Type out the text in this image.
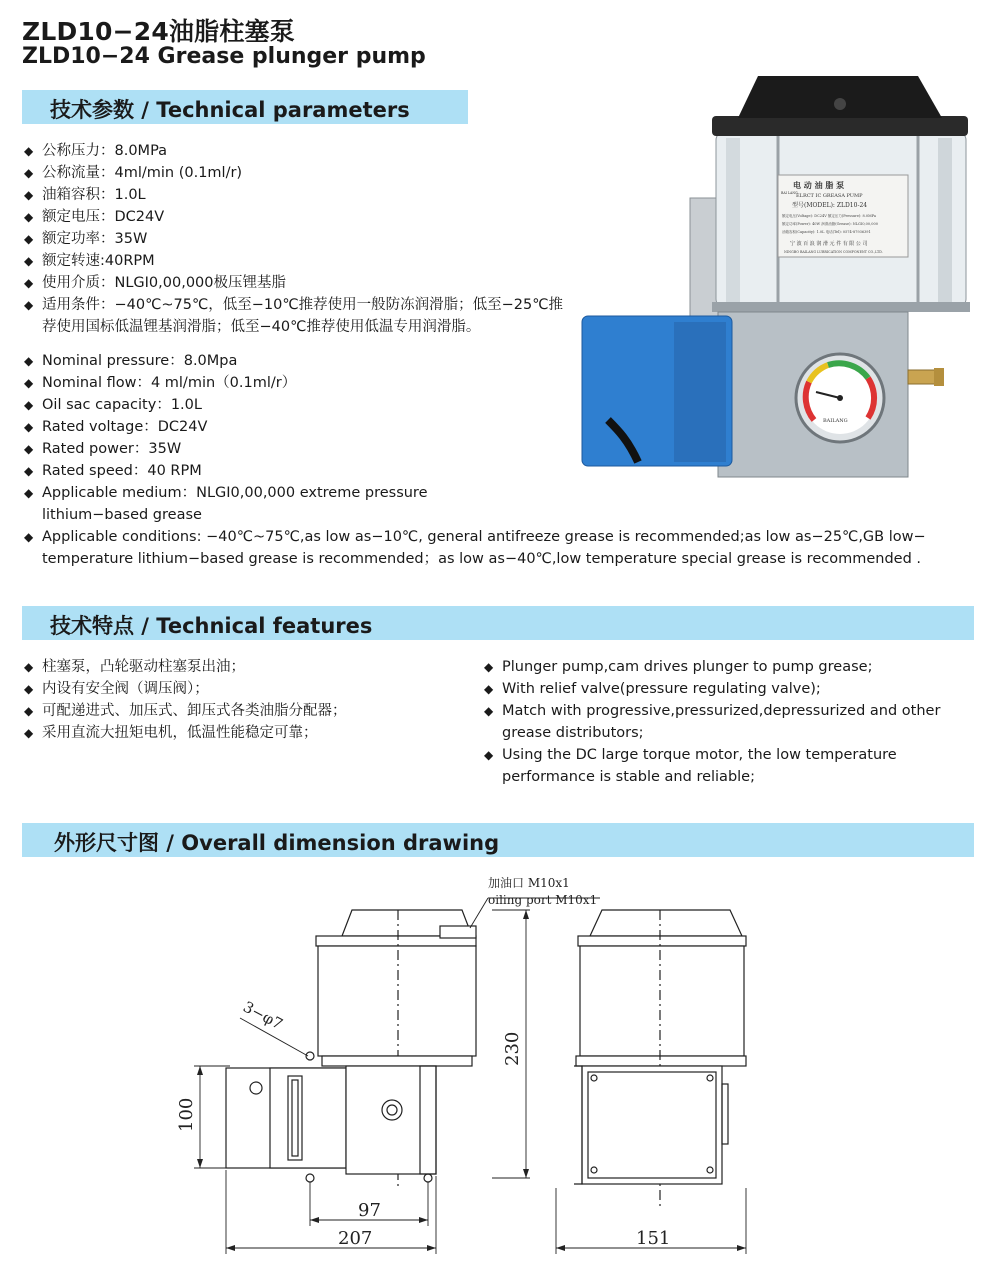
ZLD10−24油脂柱塞泵
ZLD10−24 Grease plunger pump
技术参数 / Technical parameters
◆ 公称压力：8.0MPa
◆ 公称流量：4ml/min (0.1ml/r)
◆ 油箱容积：1.0L
◆ 额定电压：DC24V
◆ 额定功率：35W
◆ 额定转速:40RPM
◆ 使用介质：NLGI0,00,000极压锂基脂
◆ 适用条件：−40℃~75℃，低至−10℃推荐使用一般防冻润滑脂；低至−25℃推
荐使用国标低温锂基润滑脂；低至−40℃推荐使用低温专用润滑脂。
◆ Nominal pressure：8.0Mpa
◆ Nominal flow：4 ml/min（0.1ml/r）
◆ Oil sac capacity：1.0L
◆ Rated voltage：DC24V
◆ Rated power：35W
◆ Rated speed：40 RPM
◆ Applicable medium：NLGI0,00,000 extreme pressure
lithium−based grease
◆ Applicable conditions: −40℃~75℃,as low as−10℃, general antifreeze grease is recommended;as low as−25℃,GB low−
temperature lithium−based grease is recommended；as low as−40℃,low temperature special grease is recommended .
电 动 油 脂 泵
ELRCT IC GREASA PUMP
型号(MODEL): ZLD10-24
额定电压(Voltage): DC24V 额定压力(Pressure): 8.0MPa
额定功率(Power): 40W 润滑油脂(Grease): NLGI0,00,000
油箱容积(Capacity): 1.0L 电话(Tel): 0574-87936391
宁 波 百 浪 润 滑 元 件 有 限 公 司
NINGBO BAILANG LUBRICATION COMPONENT CO.,LTD.
BAI LANG
BAILANG
技术特点 / Technical features
◆ 柱塞泵，凸轮驱动柱塞泵出油；
◆ 内设有安全阀（调压阀）；
◆ 可配递进式、加压式、卸压式各类油脂分配器；
◆ 采用直流大扭矩电机，低温性能稳定可靠；
◆ Plunger pump,cam drives plunger to pump grease;
◆ With relief valve(pressure regulating valve);
◆ Match with progressive,pressurized,depressurized and other grease distributors;
◆ Using the DC large torque motor, the low temperature performance is stable and reliable;
外形尺寸图 / Overall dimension drawing
加油口 M10x1
oiling port M10x1
3−φ7
230
100
97
207	151
